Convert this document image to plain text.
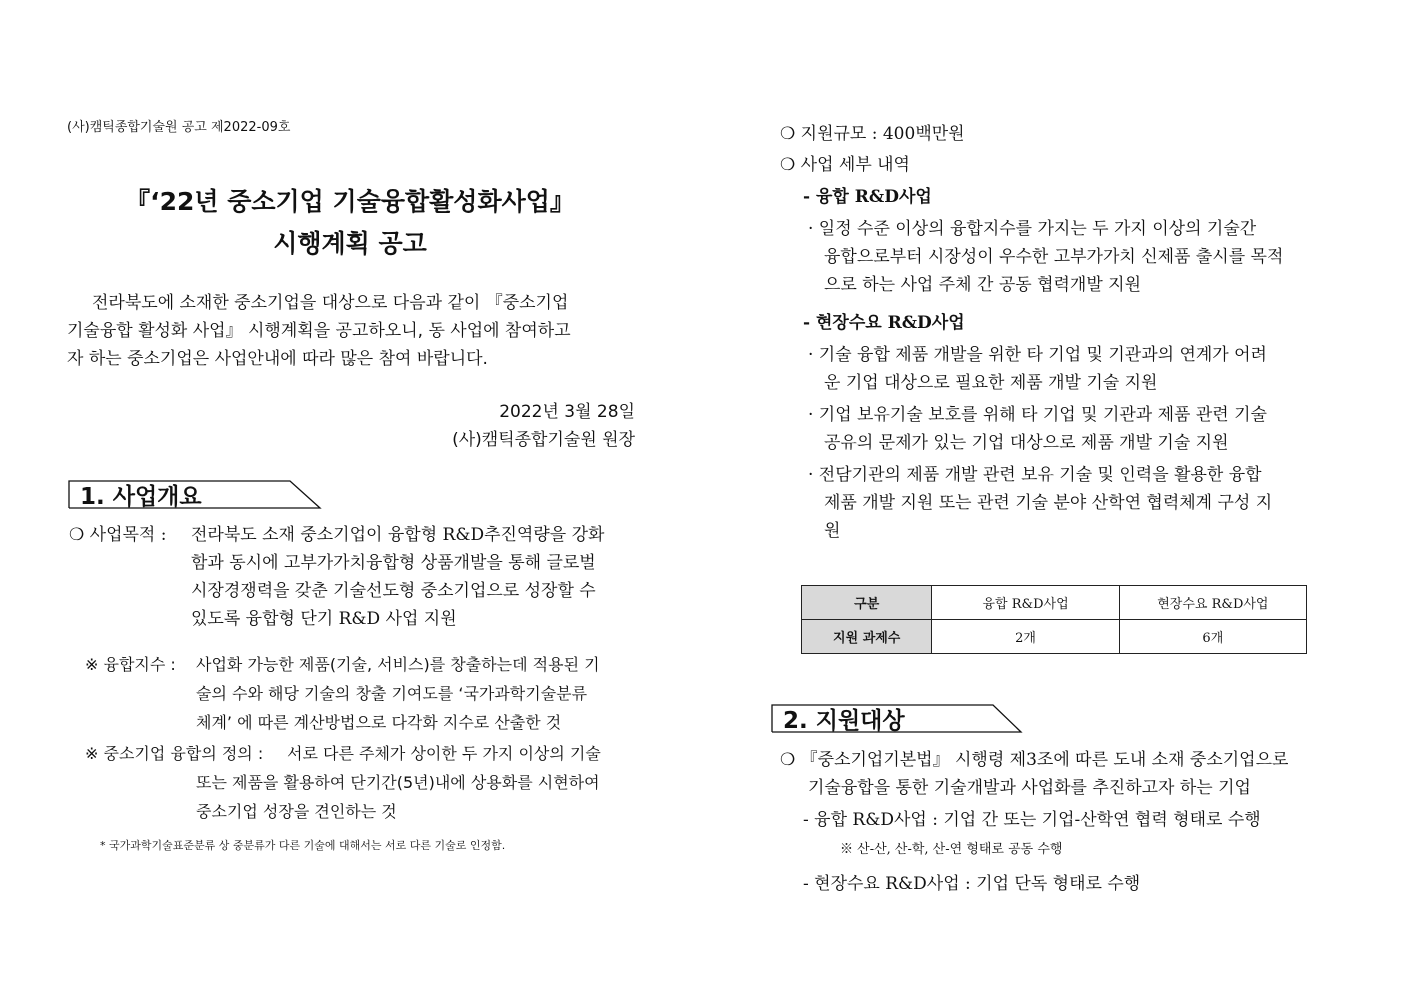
(사)캠틱종합기술원 공고 제2022-09호
『‘22년 중소기업 기술융합활성화사업』
시행계획 공고
전라북도에 소재한 중소기업을 대상으로 다음과 같이 『중소기업
기술융합 활성화 사업』 시행계획을 공고하오니, 동 사업에 참여하고
자 하는 중소기업은 사업안내에 따라 많은 참여 바랍니다.
2022년 3월 28일
(사)캠틱종합기술원 원장
1. 사업개요
❍ 사업목적 : 전라북도 소재 중소기업이 융합형 R&D추진역량을 강화
함과 동시에 고부가가치융합형 상품개발을 통해 글로벌
시장경쟁력을 갖춘 기술선도형 중소기업으로 성장할 수
있도록 융합형 단기 R&D 사업 지원
※ 융합지수 : 사업화 가능한 제품(기술, 서비스)를 창출하는데 적용된 기
술의 수와 해당 기술의 창출 기여도를 ‘국가과학기술분류
체계’ 에 따른 계산방법으로 다각화 지수로 산출한 것
※ 중소기업 융합의 정의 : 서로 다른 주체가 상이한 두 가지 이상의 기술
또는 제품을 활용하여 단기간(5년)내에 상용화를 시현하여
중소기업 성장을 견인하는 것
* 국가과학기술표준분류 상 중분류가 다른 기술에 대해서는 서로 다른 기술로 인정함.
❍ 지원규모 : 400백만원
❍ 사업 세부 내역
- 융합 R&D사업
· 일정 수준 이상의 융합지수를 가지는 두 가지 이상의 기술간
융합으로부터 시장성이 우수한 고부가가치 신제품 출시를 목적
으로 하는 사업 주체 간 공동 협력개발 지원
- 현장수요 R&D사업
· 기술 융합 제품 개발을 위한 타 기업 및 기관과의 연계가 어려
운 기업 대상으로 필요한 제품 개발 기술 지원
· 기업 보유기술 보호를 위해 타 기업 및 기관과 제품 관련 기술
공유의 문제가 있는 기업 대상으로 제품 개발 기술 지원
· 전담기관의 제품 개발 관련 보유 기술 및 인력을 활용한 융합
제품 개발 지원 또는 관련 기술 분야 산학연 협력체계 구성 지
원
구분	융합 R&D사업	현장수요 R&D사업
지원 과제수	2개	6개
2. 지원대상
❍ 『중소기업기본법』 시행령 제3조에 따른 도내 소재 중소기업으로
기술융합을 통한 기술개발과 사업화를 추진하고자 하는 기업
- 융합 R&D사업 : 기업 간 또는 기업-산학연 협력 형태로 수행
※ 산-산, 산-학, 산-연 형태로 공동 수행
- 현장수요 R&D사업 : 기업 단독 형태로 수행
